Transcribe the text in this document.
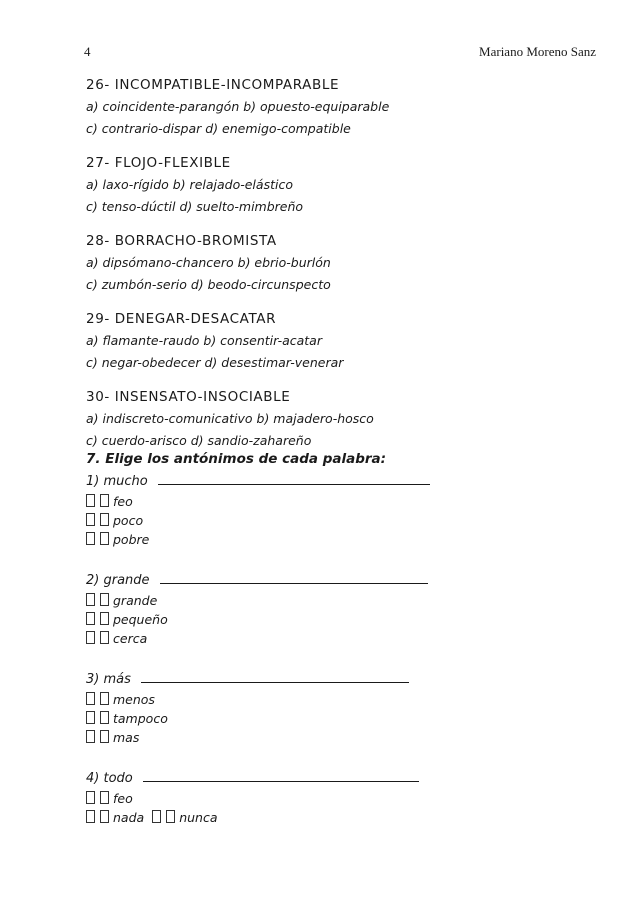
4	Mariano Moreno Sanz
26- INCOMPATIBLE-INCOMPARABLE
a) coincidente-parangón b) opuesto-equiparable
c) contrario-dispar d) enemigo-compatible
27- FLOJO-FLEXIBLE
a) laxo-rígido b) relajado-elástico
c) tenso-dúctil d) suelto-mimbreño
28- BORRACHO-BROMISTA
a) dipsómano-chancero b) ebrio-burlón
c) zumbón-serio d) beodo-circunspecto
29- DENEGAR-DESACATAR
a) flamante-raudo b) consentir-acatar
c) negar-obedecer d) desestimar-venerar
30- INSENSATO-INSOCIABLE
a) indiscreto-comunicativo b) majadero-hosco
c) cuerdo-arisco d) sandio-zahareño
7. Elige los antónimos de cada palabra:
1) mucho
feo
poco
pobre
2) grande
grande
pequeño
cerca
3) más
menos
tampoco
mas
4) todo
feo
nada	nunca
